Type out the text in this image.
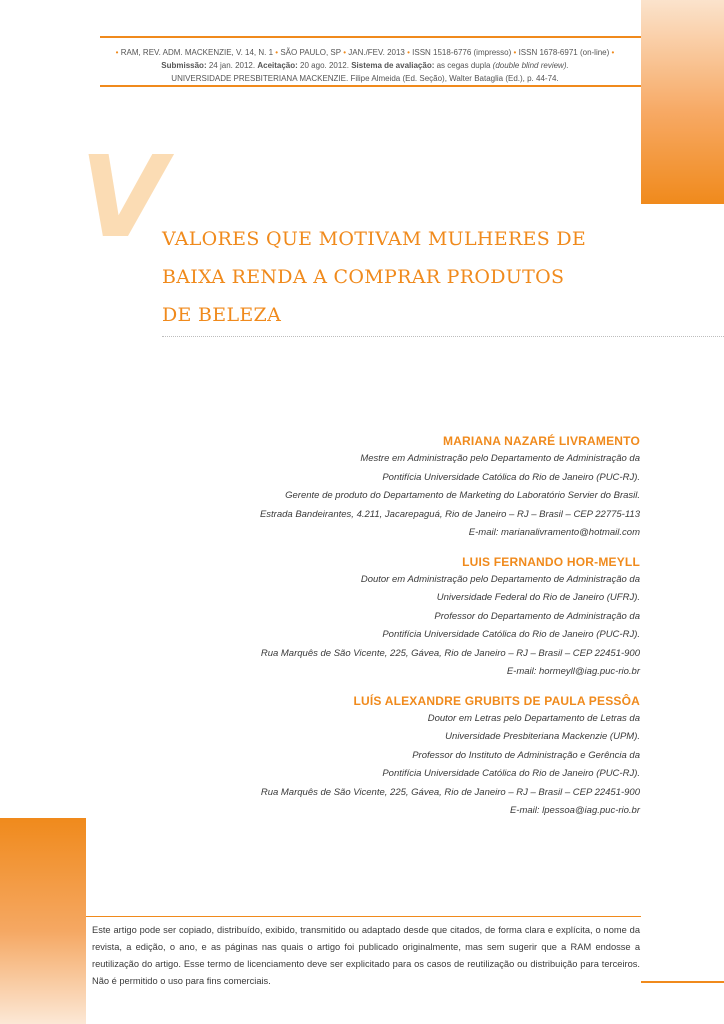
• RAM, REV. ADM. MACKENZIE, V. 14, N. 1 • SÃO PAULO, SP • JAN./FEV. 2013 • ISSN 1518-6776 (impresso) • ISSN 1678-6971 (on-line) •
Submissão: 24 jan. 2012. Aceitação: 20 ago. 2012. Sistema de avaliação: as cegas dupla (double blind review).
UNIVERSIDADE PRESBITERIANA MACKENZIE. Filipe Almeida (Ed. Seção), Walter Bataglia (Ed.), p. 44-74.
V
VALORES QUE MOTIVAM MULHERES DE
BAIXA RENDA A COMPRAR PRODUTOS
DE BELEZA
MARIANA NAZARÉ LIVRAMENTO
Mestre em Administração pelo Departamento de Administração da
Pontifícia Universidade Católica do Rio de Janeiro (PUC-RJ).
Gerente de produto do Departamento de Marketing do Laboratório Servier do Brasil.
Estrada Bandeirantes, 4.211, Jacarepaguá, Rio de Janeiro – RJ – Brasil – CEP 22775-113
E-mail: marianalivramento@hotmail.com
LUIS FERNANDO HOR-MEYLL
Doutor em Administração pelo Departamento de Administração da
Universidade Federal do Rio de Janeiro (UFRJ).
Professor do Departamento de Administração da
Pontifícia Universidade Católica do Rio de Janeiro (PUC-RJ).
Rua Marquês de São Vicente, 225, Gávea, Rio de Janeiro – RJ – Brasil – CEP 22451-900
E-mail: hormeyll@iag.puc-rio.br
LUÍS ALEXANDRE GRUBITS DE PAULA PESSÔA
Doutor em Letras pelo Departamento de Letras da
Universidade Presbiteriana Mackenzie (UPM).
Professor do Instituto de Administração e Gerência da
Pontifícia Universidade Católica do Rio de Janeiro (PUC-RJ).
Rua Marquês de São Vicente, 225, Gávea, Rio de Janeiro – RJ – Brasil – CEP 22451-900
E-mail: lpessoa@iag.puc-rio.br
Este artigo pode ser copiado, distribuído, exibido, transmitido ou adaptado desde que citados, de forma clara e explícita, o nome da revista, a edição, o ano, e as páginas nas quais o artigo foi publicado originalmente, mas sem sugerir que a RAM endosse a reutilização do artigo. Esse termo de licenciamento deve ser explicitado para os casos de reutilização ou distribuição para terceiros. Não é permitido o uso para fins comerciais.
